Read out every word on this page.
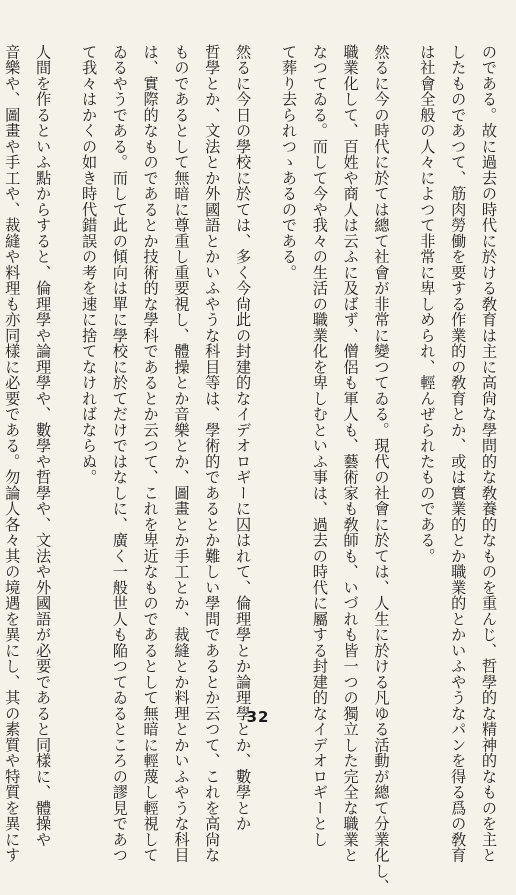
のである。故に過去の時代に於ける敎育は主に高尙な學問的な敎養的なものを重んじ、哲學的な精神的なものを主と
したものであつて、筋肉勞働を要する作業的の敎育とか、或は實業的とか職業的とかいふやうなパンを得る爲の敎育
は社會全般の人々によつて非常に卑しめられ、輕んぜられたものである。
然るに今の時代に於ては總て社會が非常に變つてゐる。現代の社會に於ては、人生に於ける凡ゆる活動が總て分業化し、
職業化して、百姓や商人は云ふに及ばず、僧侶も軍人も、藝術家も敎師も、いづれも皆一つの獨立した完全な職業と
なつてゐる。而して今や我々の生活の職業化を卑しむといふ事は、過去の時代に屬する封建的なイデオロギーとし
て葬り去られつゝあるのである。
然るに今日の學校に於ては、多く今尙此の封建的なイデオロギーに囚はれて、倫理學とか論理學とか、數學とか
哲學とか、文法とか外國語とかいふやうな科目等は、學術的であるとか難しい學問であるとか云つて、これを高尙な
ものであるとして無暗に尊重し重要視し、體操とか音樂とか、圖畫とか手工とか、裁縫とか料理とかいふやうな科目
は、實際的なものであるとか技術的な學科であるとか云つて、これを卑近なものであるとして無暗に輕蔑し輕視して
ゐるやうである。而して此の傾向は單に學校に於てだけではなしに、廣く一般世人も陥つてゐるところの謬見であつ
て我々はかくの如き時代錯誤の考を速に捨てなければならぬ。
人間を作るといふ點からすると、倫理學や論理學や、數學や哲學や、文法や外國語が必要であると同樣に、體操や
音樂や、圖畫や手工や、裁縫や料理も亦同樣に必要である。勿論人各々其の境遇を異にし、其の素質や特質を異にす	32
